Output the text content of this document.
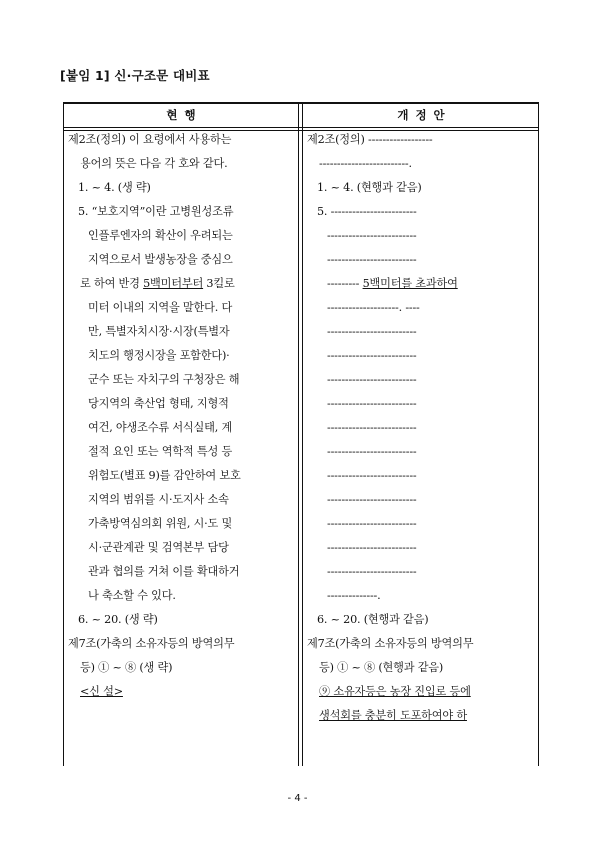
[붙임 1] 신·구조문 대비표
현 행	개 정 안
제2조(정의) 이 요령에서 사용하는
용어의 뜻은 다음 각 호와 같다.
1. ~ 4. (생 략)
5. “보호지역”이란 고병원성조류
인플루엔자의 확산이 우려되는
지역으로서 발생농장을 중심으
로 하여 반경 5백미터부터 3킬로
미터 이내의 지역을 말한다. 다
만, 특별자치시장·시장(특별자
치도의 행정시장을 포함한다)·
군수 또는 자치구의 구청장은 해
당지역의 축산업 형태, 지형적
여건, 야생조수류 서식실태, 계
절적 요인 또는 역학적 특성 등
위험도(별표 9)를 감안하여 보호
지역의 범위를 시·도지사 소속
가축방역심의회 위원, 시·도 및
시·군관계관 및 검역본부 담당
관과 협의를 거쳐 이를 확대하거
나 축소할 수 있다.
6. ~ 20. (생 략)
제7조(가축의 소유자등의 방역의무
등) ① ~ ⑧ (생 략)
<신 설>
제2조(정의) ------------------
-------------------------.
1. ~ 4. (현행과 같음)
5. ------------------------
-------------------------
-------------------------
--------- 5백미터를 초과하여
--------------------. ----
-------------------------
-------------------------
-------------------------
-------------------------
-------------------------
-------------------------
-------------------------
-------------------------
-------------------------
-------------------------
-------------------------
--------------.
6. ~ 20. (현행과 같음)
제7조(가축의 소유자등의 방역의무
등) ① ~ ⑧ (현행과 같음)
⑨ 소유자등은 농장 진입로 등에
생석회를 충분히 도포하여야 하
- 4 -
